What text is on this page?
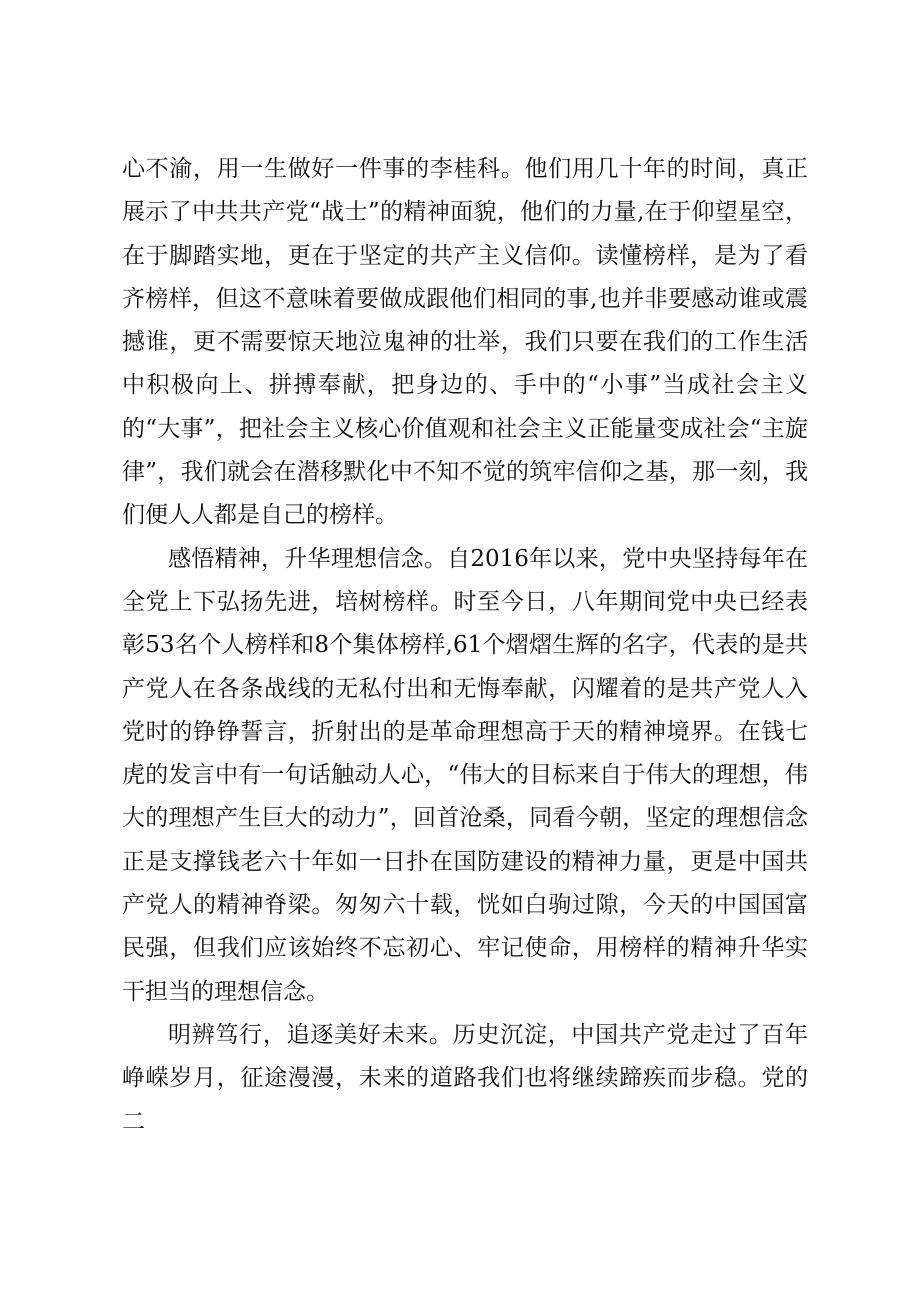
心不渝，用一生做好一件事的李桂科。他们用几十年的时间，真正展示了中共共产党“战士”的精神面貌，他们的力量,在于仰望星空，在于脚踏实地，更在于坚定的共产主义信仰。读懂榜样，是为了看齐榜样，但这不意味着要做成跟他们相同的事,也并非要感动谁或震撼谁，更不需要惊天地泣鬼神的壮举，我们只要在我们的工作生活中积极向上、拼搏奉献，把身边的、手中的“小事”当成社会主义的“大事”，把社会主义核心价值观和社会主义正能量变成社会“主旋律”，我们就会在潜移默化中不知不觉的筑牢信仰之基，那一刻，我们便人人都是自己的榜样。

感悟精神，升华理想信念。自2016年以来，党中央坚持每年在全党上下弘扬先进，培树榜样。时至今日，八年期间党中央已经表彰53名个人榜样和8个集体榜样,61个熠熠生辉的名字，代表的是共产党人在各条战线的无私付出和无悔奉献，闪耀着的是共产党人入党时的铮铮誓言，折射出的是革命理想高于天的精神境界。在钱七虎的发言中有一句话触动人心，“伟大的目标来自于伟大的理想，伟大的理想产生巨大的动力”，回首沧桑，同看今朝，坚定的理想信念正是支撑钱老六十年如一日扑在国防建设的精神力量，更是中国共产党人的精神脊梁。匆匆六十载，恍如白驹过隙，今天的中国国富民强，但我们应该始终不忘初心、牢记使命，用榜样的精神升华实干担当的理想信念。

明辨笃行，追逐美好未来。历史沉淀，中国共产党走过了百年峥嵘岁月，征途漫漫，未来的道路我们也将继续蹄疾而步稳。党的二
